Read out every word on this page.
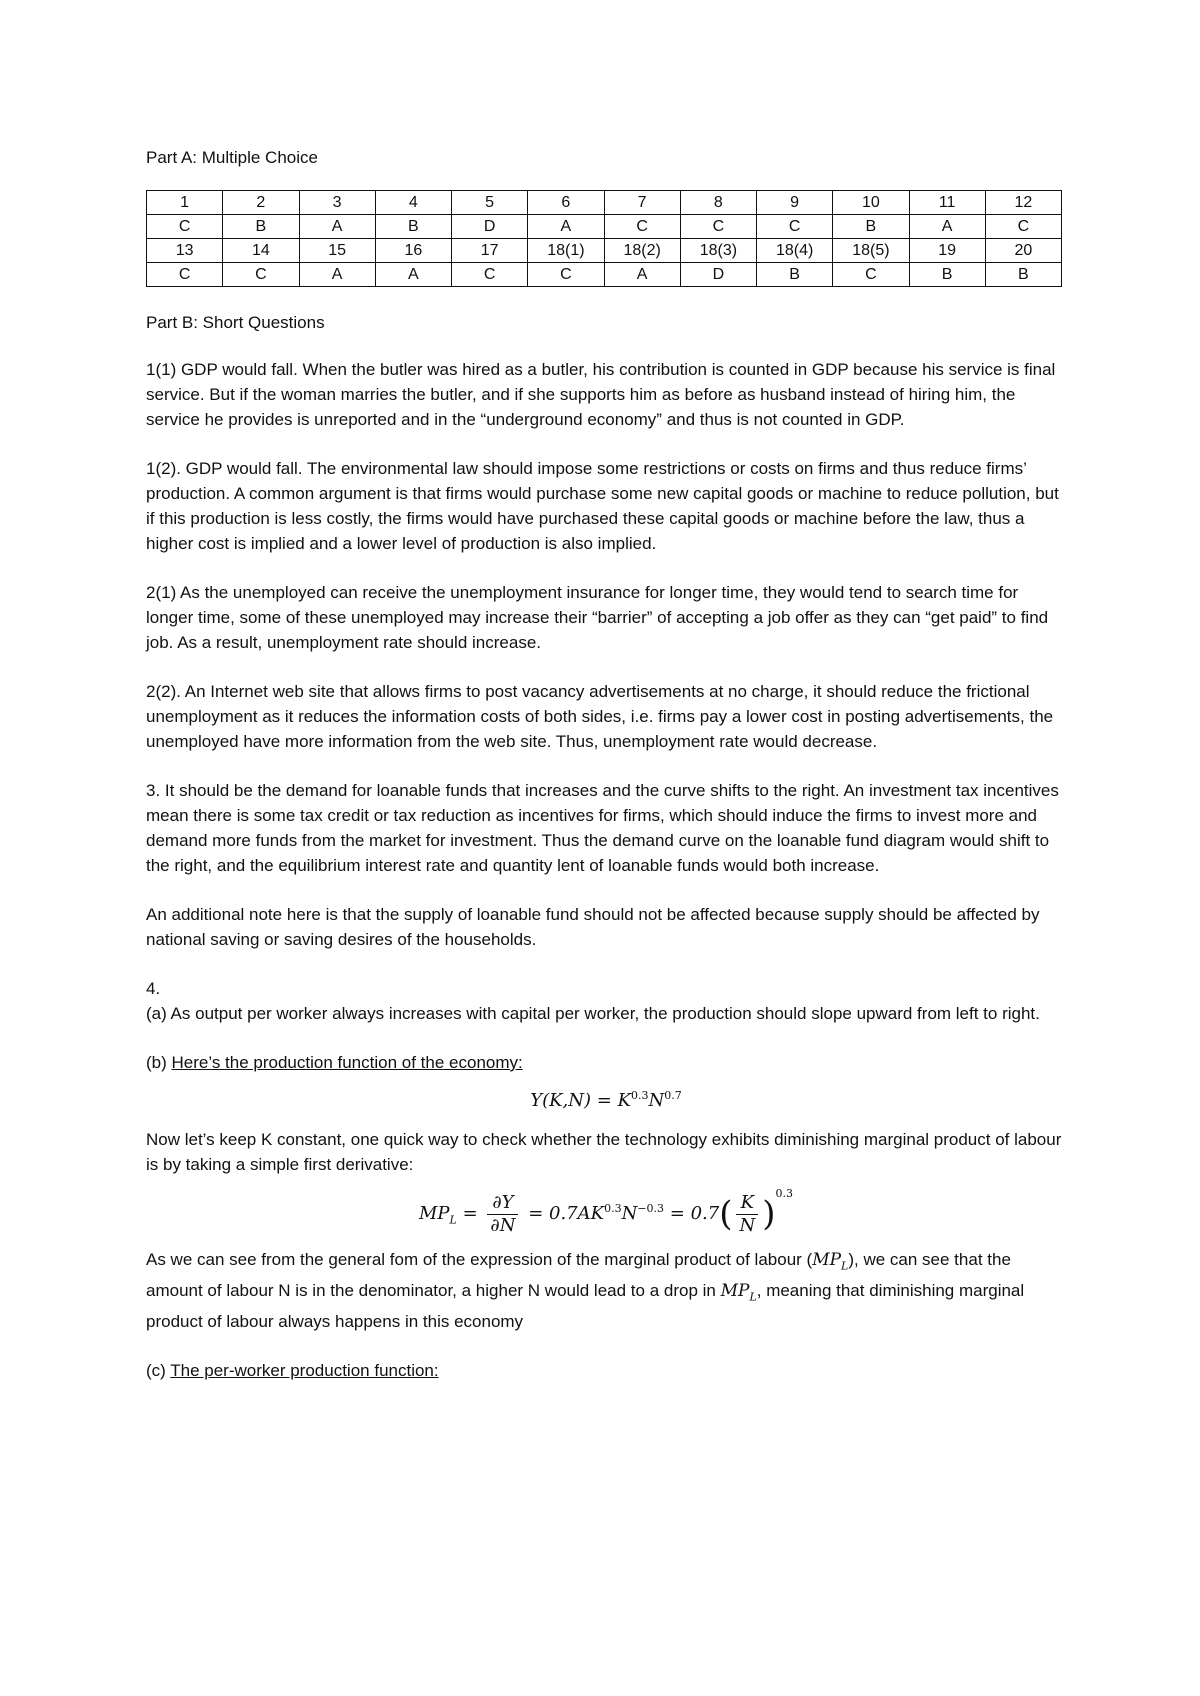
Part A: Multiple Choice

1	2	3	4	5	6	7	8	9	10	11	12
C	B	A	B	D	A	C	C	C	B	A	C
13	14	15	16	17	18(1)	18(2)	18(3)	18(4)	18(5)	19	20
C	C	A	A	C	C	A	D	B	C	B	B

Part B: Short Questions

1(1) GDP would fall. When the butler was hired as a butler, his contribution is counted in GDP because his service is final service. But if the woman marries the butler, and if she supports him as before as husband instead of hiring him, the service he provides is unreported and in the “underground economy” and thus is not counted in GDP.

1(2). GDP would fall. The environmental law should impose some restrictions or costs on firms and thus reduce firms’ production. A common argument is that firms would purchase some new capital goods or machine to reduce pollution, but if this production is less costly, the firms would have purchased these capital goods or machine before the law, thus a higher cost is implied and a lower level of production is also implied.

2(1) As the unemployed can receive the unemployment insurance for longer time, they would tend to search time for longer time, some of these unemployed may increase their “barrier” of accepting a job offer as they can “get paid” to find job. As a result, unemployment rate should increase.

2(2). An Internet web site that allows firms to post vacancy advertisements at no charge, it should reduce the frictional unemployment as it reduces the information costs of both sides, i.e. firms pay a lower cost in posting advertisements, the unemployed have more information from the web site. Thus, unemployment rate would decrease.

3. It should be the demand for loanable funds that increases and the curve shifts to the right. An investment tax incentives mean there is some tax credit or tax reduction as incentives for firms, which should induce the firms to invest more and demand more funds from the market for investment. Thus the demand curve on the loanable fund diagram would shift to the right, and the equilibrium interest rate and quantity lent of loanable funds would both increase.

An additional note here is that the supply of loanable fund should not be affected because supply should be affected by national saving or saving desires of the households.

4.

(a) As output per worker always increases with capital per worker, the production should slope upward from left to right.

(b) Here’s the production function of the economy:

$Y(K,N) = K^{0.3}N^{0.7}$

Now let’s keep K constant, one quick way to check whether the technology exhibits diminishing marginal product of labour is by taking a simple first derivative:

$MP_L = \frac{\partial Y}{\partial N} = 0.7AK^{0.3}N^{-0.3} = 0.7( \frac{K}{N} )^{0.3}$

As we can see from the general fom of the expression of the marginal product of labour $(MP_L)$, we can see that the amount of labour N is in the denominator, a higher N would lead to a drop in $MP_L$, meaning that diminishing marginal product of labour always happens in this economy

(c) The per-worker production function:
